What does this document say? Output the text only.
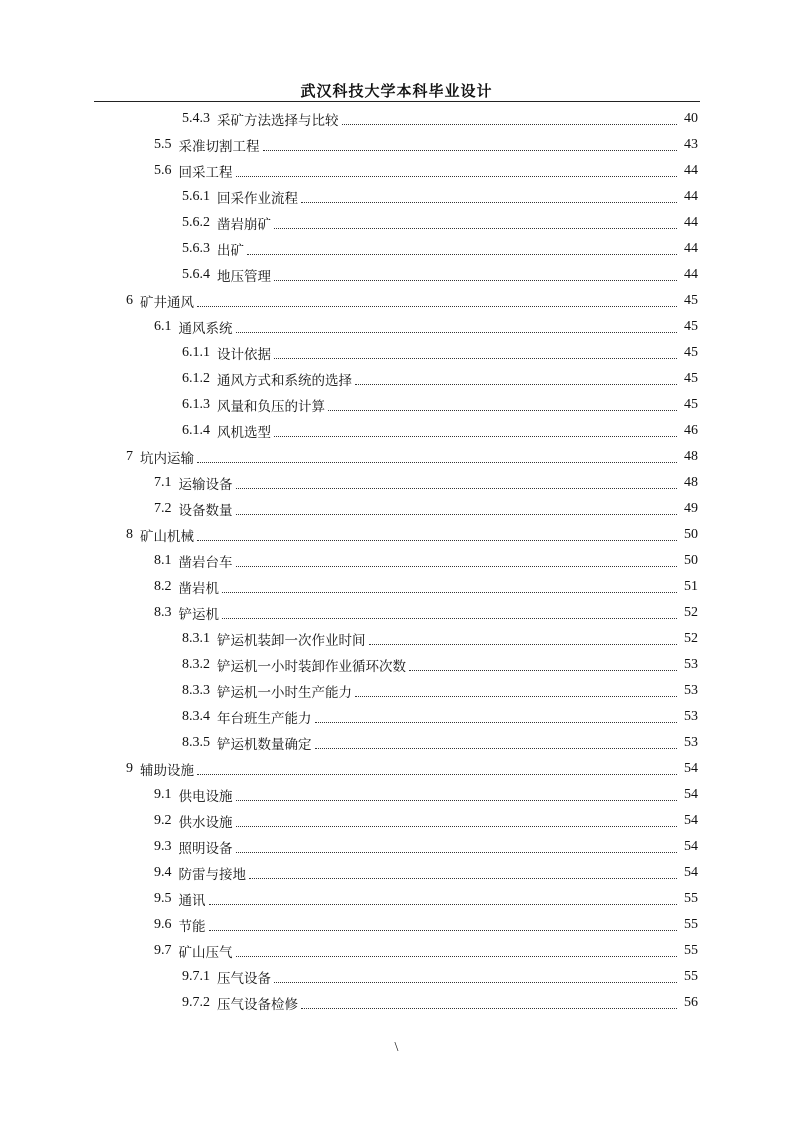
武汉科技大学本科毕业设计
5.4.3 采矿方法选择与比较	40
5.5 采准切割工程	43
5.6 回采工程	44
5.6.1 回采作业流程	44
5.6.2 凿岩崩矿	44
5.6.3 出矿	44
5.6.4 地压管理	44
6 矿井通风	45
6.1 通风系统	45
6.1.1 设计依据	45
6.1.2 通风方式和系统的选择	45
6.1.3 风量和负压的计算	45
6.1.4 风机选型	46
7 坑内运输	48
7.1 运输设备	48
7.2 设备数量	49
8 矿山机械	50
8.1 凿岩台车	50
8.2 凿岩机	51
8.3 铲运机	52
8.3.1 铲运机装卸一次作业时间	52
8.3.2 铲运机一小时装卸作业循环次数	53
8.3.3 铲运机一小时生产能力	53
8.3.4 年台班生产能力	53
8.3.5 铲运机数量确定	53
9 辅助设施	54
9.1 供电设施	54
9.2 供水设施	54
9.3 照明设备	54
9.4 防雷与接地	54
9.5 通讯	55
9.6 节能	55
9.7 矿山压气	55
9.7.1 压气设备	55
9.7.2 压气设备检修	56
\
